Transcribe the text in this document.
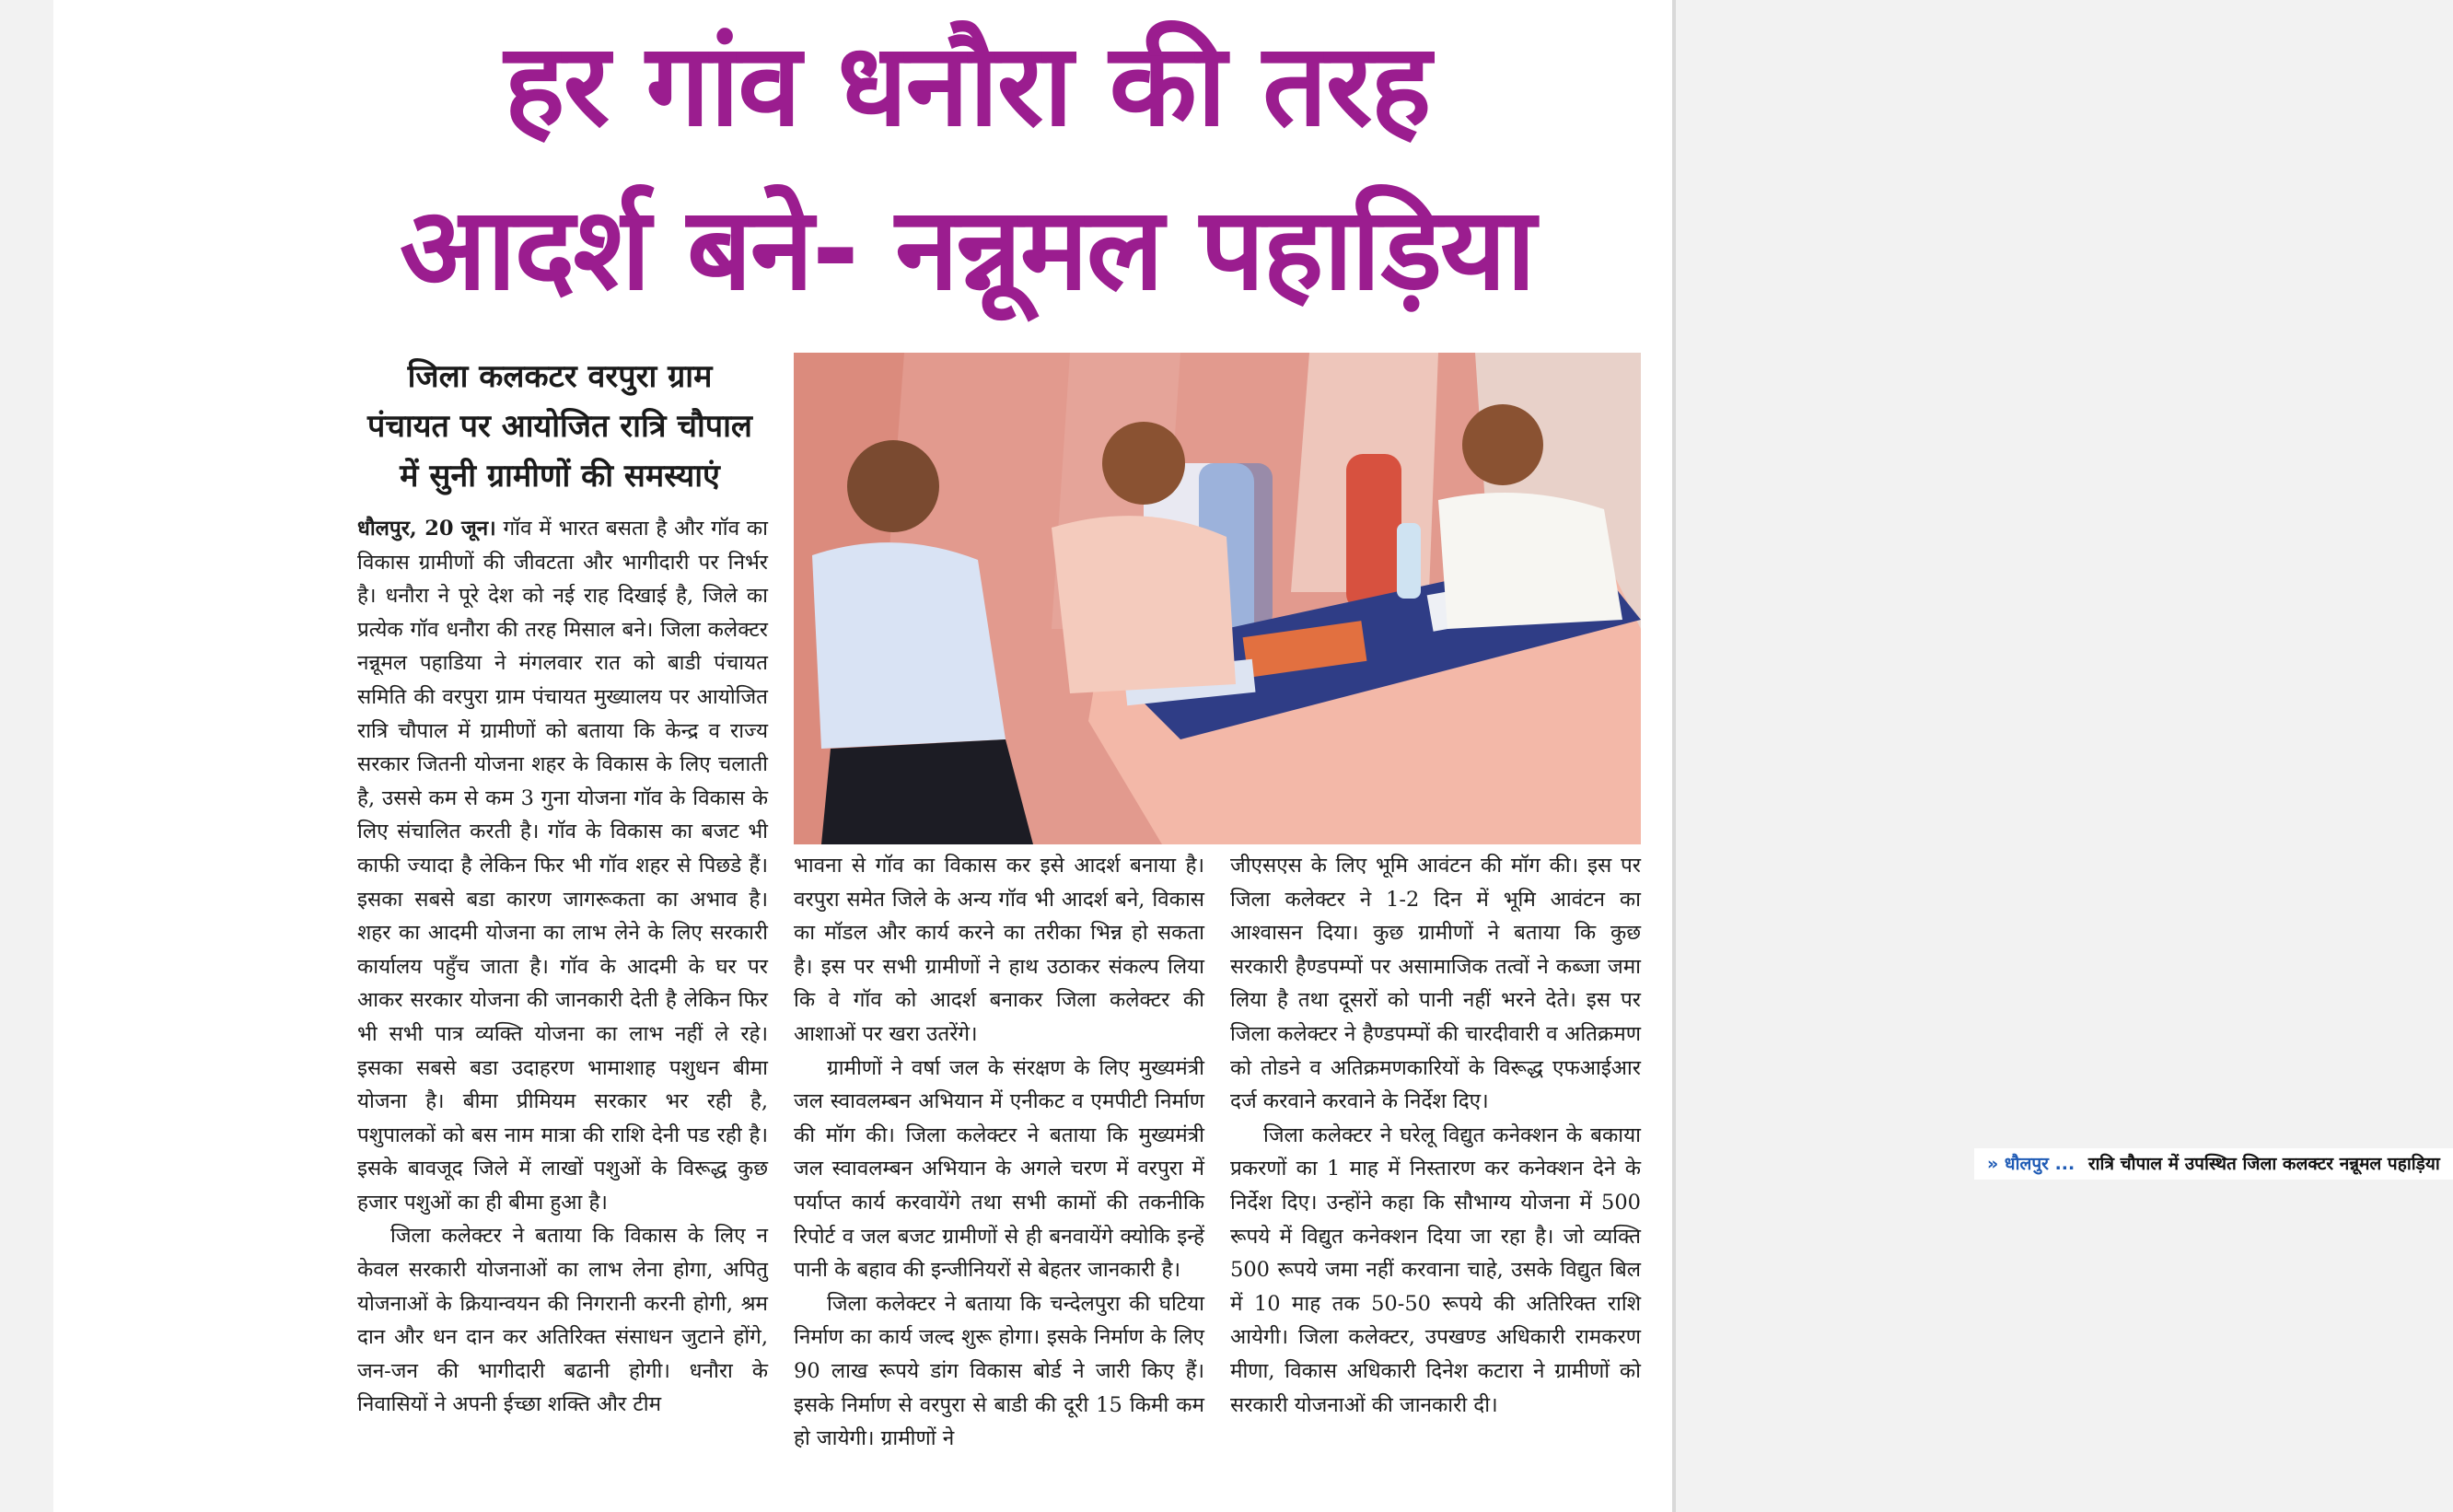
हर गांव धनौरा की तरह
आदर्श बने- नन्नूमल पहाड़िया
जिला कलकटर वरपुरा ग्राम
पंचायत पर आयोजित रात्रि चौपाल
में सुनी ग्रामीणों की समस्याएं

धौलपुर, 20 जून। गॉव में भारत बसता है और गॉव का विकास ग्रामीणों की जीवटता और भागीदारी पर निर्भर है। धनौरा ने पूरे देश को नई राह दिखाई है, जिले का प्रत्येक गॉव धनौरा की तरह मिसाल बने। जिला कलेक्टर नन्नूमल पहाडिया ने मंगलवार रात को बाडी पंचायत समिति की वरपुरा ग्राम पंचायत मुख्यालय पर आयोजित रात्रि चौपाल में ग्रामीणों को बताया कि केन्द्र व राज्य सरकार जितनी योजना शहर के विकास के लिए चलाती है, उससे कम से कम 3 गुना योजना गॉव के विकास के लिए संचालित करती है। गॉव के विकास का बजट भी काफी ज्यादा है लेकिन फिर भी गॉव शहर से पिछडे हैं। इसका सबसे बडा कारण जागरूकता का अभाव है। शहर का आदमी योजना का लाभ लेने के लिए सरकारी कार्यालय पहुँच जाता है। गॉव के आदमी के घर पर आकर सरकार योजना की जानकारी देती है लेकिन फिर भी सभी पात्र व्यक्ति योजना का लाभ नहीं ले रहे। इसका सबसे बडा उदाहरण भामाशाह पशुधन बीमा योजना है। बीमा प्रीमियम सरकार भर रही है, पशुपालकों को बस नाम मात्रा की राशि देनी पड रही है। इसके बावजूद जिले में लाखों पशुओं के विरूद्ध कुछ हजार पशुओं का ही बीमा हुआ है।

जिला कलेक्टर ने बताया कि विकास के लिए न केवल सरकारी योजनाओं का लाभ लेना होगा, अपितु योजनाओं के क्रियान्वयन की निगरानी करनी होगी, श्रम दान और धन दान कर अतिरिक्त संसाधन जुटाने होंगे, जन-जन की भागीदारी बढानी होगी। धनौरा के निवासियों ने अपनी ईच्छा शक्ति और टीम

» धौलपुर ... रात्रि चौपाल में उपस्थित जिला कलक्टर नन्नूमल पहाड़िया

भावना से गॉव का विकास कर इसे आदर्श बनाया है। वरपुरा समेत जिले के अन्य गॉव भी आदर्श बने, विकास का मॉडल और कार्य करने का तरीका भिन्न हो सकता है। इस पर सभी ग्रामीणों ने हाथ उठाकर संकल्प लिया कि वे गॉव को आदर्श बनाकर जिला कलेक्टर की आशाओं पर खरा उतरेंगे।

ग्रामीणों ने वर्षा जल के संरक्षण के लिए मुख्यमंत्री जल स्वावलम्बन अभियान में एनीकट व एमपीटी निर्माण की मॉग की। जिला कलेक्टर ने बताया कि मुख्यमंत्री जल स्वावलम्बन अभियान के अगले चरण में वरपुरा में पर्याप्त कार्य करवायेंगे तथा सभी कामों की तकनीकि रिपोर्ट व जल बजट ग्रामीणों से ही बनवायेंगे क्योकि इन्हें पानी के बहाव की इन्जीनियरों से बेहतर जानकारी है।

जिला कलेक्टर ने बताया कि चन्देलपुरा की घटिया निर्माण का कार्य जल्द शुरू होगा। इसके निर्माण के लिए 90 लाख रूपये डांग विकास बोर्ड ने जारी किए हैं। इसके निर्माण से वरपुरा से बाडी की दूरी 15 किमी कम हो जायेगी। ग्रामीणों ने

जीएसएस के लिए भूमि आवंटन की मॉग की। इस पर जिला कलेक्टर ने 1-2 दिन में भूमि आवंटन का आश्वासन दिया। कुछ ग्रामीणों ने बताया कि कुछ सरकारी हैण्डपम्पों पर असामाजिक तत्वों ने कब्जा जमा लिया है तथा दूसरों को पानी नहीं भरने देते। इस पर जिला कलेक्टर ने हैण्डपम्पों की चारदीवारी व अतिक्रमण को तोडने व अतिक्रमणकारियों के विरूद्ध एफआईआर दर्ज करवाने करवाने के निर्देश दिए।

जिला कलेक्टर ने घरेलू विद्युत कनेक्शन के बकाया प्रकरणों का 1 माह में निस्तारण कर कनेक्शन देने के निर्देश दिए। उन्होंने कहा कि सौभाग्य योजना में 500 रूपये में विद्युत कनेक्शन दिया जा रहा है। जो व्यक्ति 500 रूपये जमा नहीं करवाना चाहे, उसके विद्युत बिल में 10 माह तक 50-50 रूपये की अतिरिक्त राशि आयेगी। जिला कलेक्टर, उपखण्ड अधिकारी रामकरण मीणा, विकास अधिकारी दिनेश कटारा ने ग्रामीणों को सरकारी योजनाओं की जानकारी दी।
